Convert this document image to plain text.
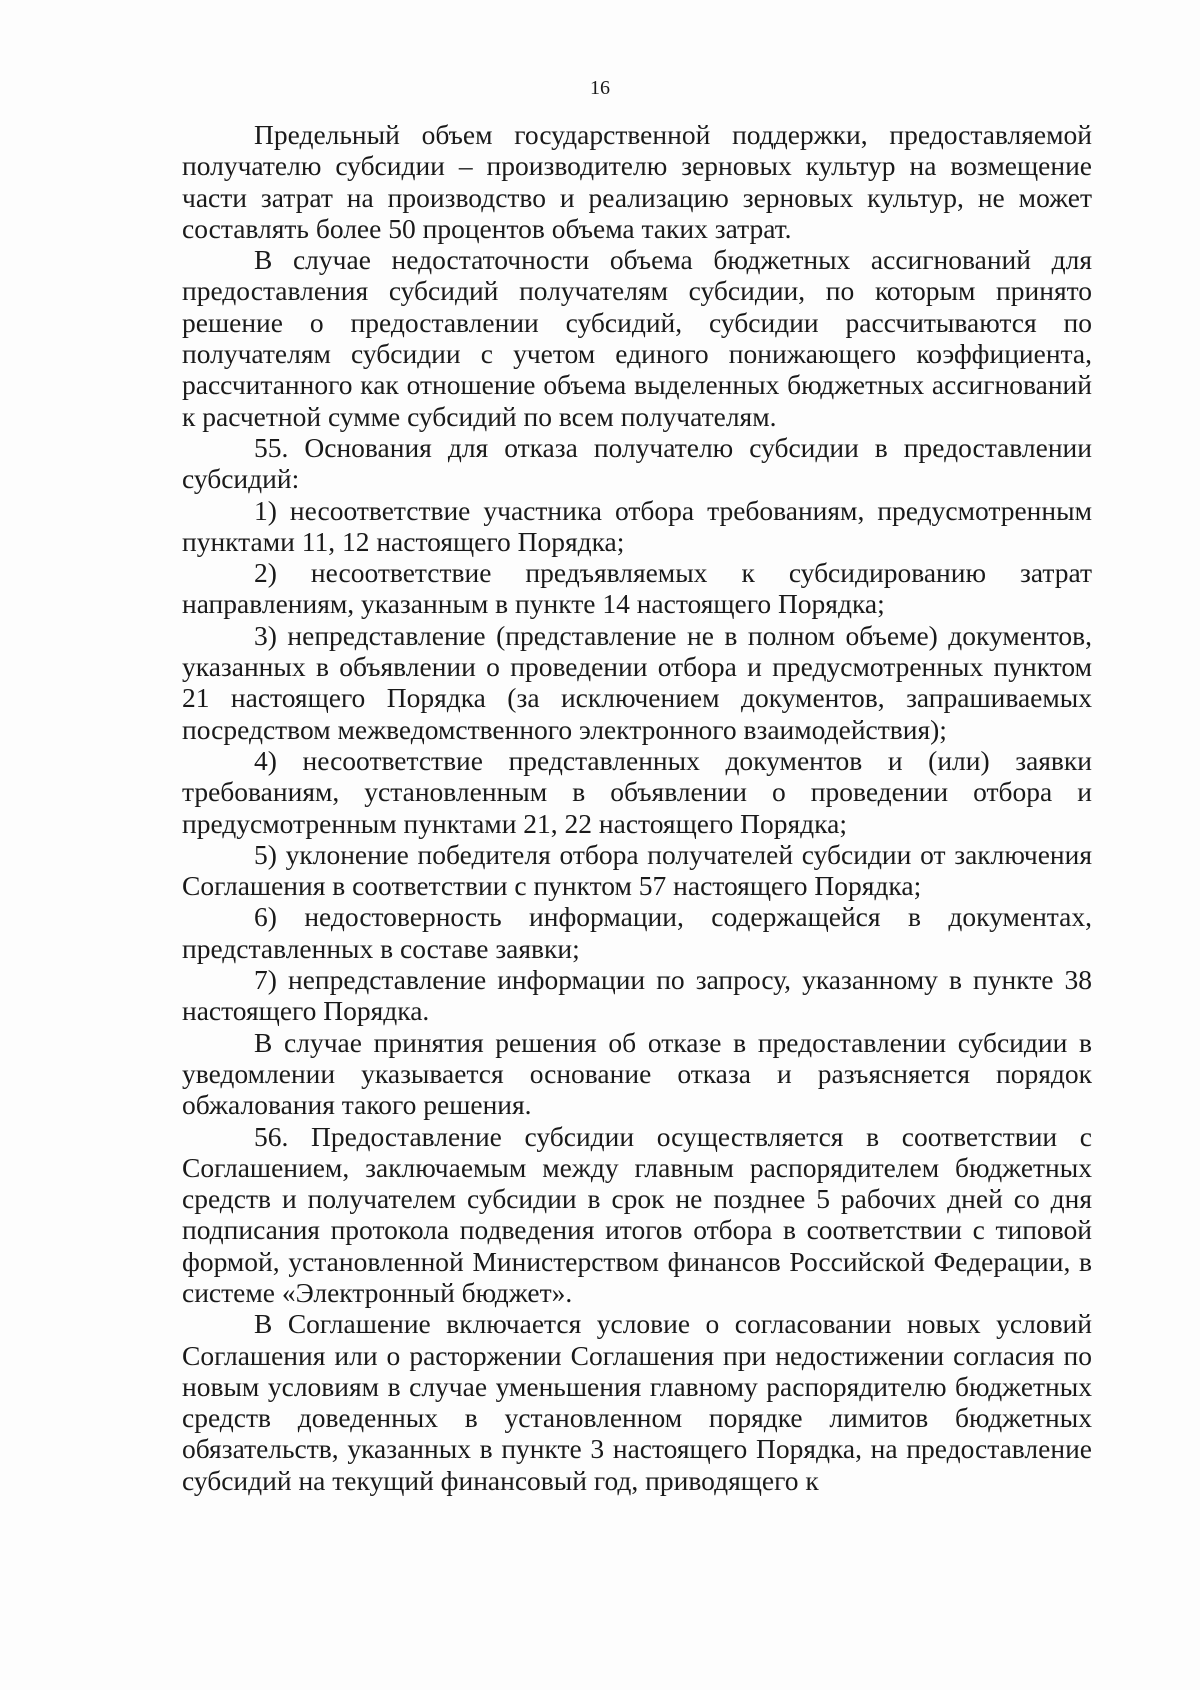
16

Предельный объем государственной поддержки, предоставляемой получателю субсидии – производителю зерновых культур на возмещение части затрат на производство и реализацию зерновых культур, не может составлять более 50 процентов объема таких затрат.

В случае недостаточности объема бюджетных ассигнований для предоставления субсидий получателям субсидии, по которым принято решение о предоставлении субсидий, субсидии рассчитываются по получателям субсидии с учетом единого понижающего коэффициента, рассчитанного как отношение объема выделенных бюджетных ассигнований к расчетной сумме субсидий по всем получателям.

55. Основания для отказа получателю субсидии в предоставлении субсидий:

1) несоответствие участника отбора требованиям, предусмотренным пунктами 11, 12 настоящего Порядка;

2) несоответствие предъявляемых к субсидированию затрат направлениям, указанным в пункте 14 настоящего Порядка;

3) непредставление (представление не в полном объеме) документов, указанных в объявлении о проведении отбора и предусмотренных пунктом 21 настоящего Порядка (за исключением документов, запрашиваемых посредством межведомственного электронного взаимодействия);

4) несоответствие представленных документов и (или) заявки требованиям, установленным в объявлении о проведении отбора и предусмотренным пунктами 21, 22 настоящего Порядка;

5) уклонение победителя отбора получателей субсидии от заключения Соглашения в соответствии с пунктом 57 настоящего Порядка;

6) недостоверность информации, содержащейся в документах, представленных в составе заявки;

7) непредставление информации по запросу, указанному в пункте 38 настоящего Порядка.

В случае принятия решения об отказе в предоставлении субсидии в уведомлении указывается основание отказа и разъясняется порядок обжалования такого решения.

56. Предоставление субсидии осуществляется в соответствии с Соглашением, заключаемым между главным распорядителем бюджетных средств и получателем субсидии в срок не позднее 5 рабочих дней со дня подписания протокола подведения итогов отбора в соответствии с типовой формой, установленной Министерством финансов Российской Федерации, в системе «Электронный бюджет».

В Соглашение включается условие о согласовании новых условий Соглашения или о расторжении Соглашения при недостижении согласия по новым условиям в случае уменьшения главному распорядителю бюджетных средств доведенных в установленном порядке лимитов бюджетных обязательств, указанных в пункте 3 настоящего Порядка, на предоставление субсидий на текущий финансовый год, приводящего к
